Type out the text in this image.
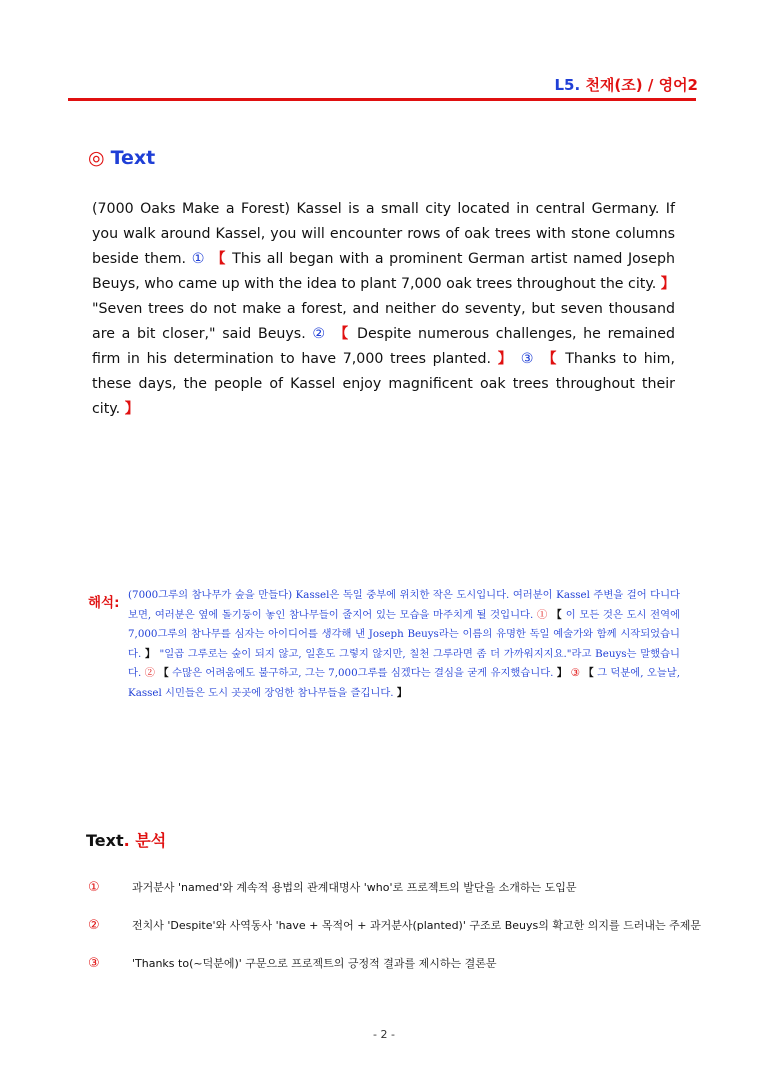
L5. 천재(조) / 영어2
◎ Text

(7000 Oaks Make a Forest) Kassel is a small city located in central Germany. If you walk around Kassel, you will encounter rows of oak trees with stone columns beside them. ① 【 This all began with a prominent German artist named Joseph Beuys, who came up with the idea to plant 7,000 oak trees throughout the city. 】 "Seven trees do not make a forest, and neither do seventy, but seven thousand are a bit closer," said Beuys. ② 【 Despite numerous challenges, he remained firm in his determination to have 7,000 trees planted. 】 ③ 【 Thanks to him, these days, the people of Kassel enjoy magnificent oak trees throughout their city. 】

해석: (7000그루의 참나무가 숲을 만들다) Kassel은 독일 중부에 위치한 작은 도시입니다. 여러분이 Kassel 주변을 걸어 다니다 보면, 여러분은 옆에 돌기둥이 놓인 참나무들이 줄지어 있는 모습을 마주치게 될 것입니다. ① 【 이 모든 것은 도시 전역에 7,000그루의 참나무를 심자는 아이디어를 생각해 낸 Joseph Beuys라는 이름의 유명한 독일 예술가와 함께 시작되었습니다. 】 "일곱 그루로는 숲이 되지 않고, 일흔도 그렇지 않지만, 칠천 그루라면 좀 더 가까워지지요."라고 Beuys는 말했습니다. ② 【 수많은 어려움에도 불구하고, 그는 7,000그루를 심겠다는 결심을 굳게 유지했습니다. 】 ③ 【 그 덕분에, 오늘날, Kassel 시민들은 도시 곳곳에 장엄한 참나무들을 즐깁니다. 】

Text. 분석
①	과거분사 'named'와 계속적 용법의 관계대명사 'who'로 프로젝트의 발단을 소개하는 도입문
②	전치사 'Despite'와 사역동사 'have + 목적어 + 과거분사(planted)' 구조로 Beuys의 확고한 의지를 드러내는 주제문
③	'Thanks to(~덕분에)' 구문으로 프로젝트의 긍정적 결과를 제시하는 결론문
- 2 -
